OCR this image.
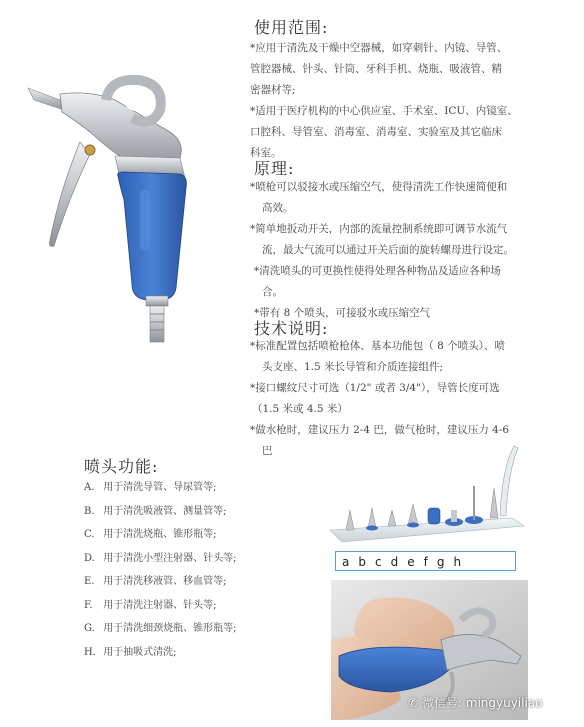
使用范围:

*应用于清洗及干燥中空器械，如穿刺针、内镜、导管、

管腔器械、针头、针筒、牙科手机、烧瓶、吸液管、精

密器材等;

*适用于医疗机构的中心供应室、手术室、ICU、内镜室、

口腔科、导管室、消毒室、消毒室、实验室及其它临床

科室。

原理:

*喷枪可以驳接水或压缩空气，使得清洗工作快速简便和

高效。

*简单地扳动开关，内部的流量控制系统即可调节水流气

流，最大气流可以通过开关后面的旋转螺母进行设定。

*清洗喷头的可更换性使得处理各种物品及适应各种场

合。

*带有 8 个喷头，可接驳水或压缩空气

技术说明:

*标准配置包括喷枪枪体、基本功能包（ 8 个喷头）、喷

头支座、1.5 米长导管和介质连接组件;

*接口螺纹尺寸可选（1/2" 或者 3/4"），导管长度可选

（1.5 米或 4.5 米）

*做水枪时，建议压力 2-4 巴，做气枪时，建议压力 4-6

巴

喷头功能:
A. 用于清洗导管、导尿管等;
B. 用于清洗吸液管、测量管等;
C. 用于清洗烧瓶、锥形瓶等;
D. 用于清洗小型注射器、针头等;
E. 用于清洗移液管、移血管等;
F. 用于清洗注射器、针头等;
G. 用于清洗细颈烧瓶、锥形瓶等;
H. 用于抽吸式清洗;
a b c d e f g h
✆ 微信号: mingyuyiliao
